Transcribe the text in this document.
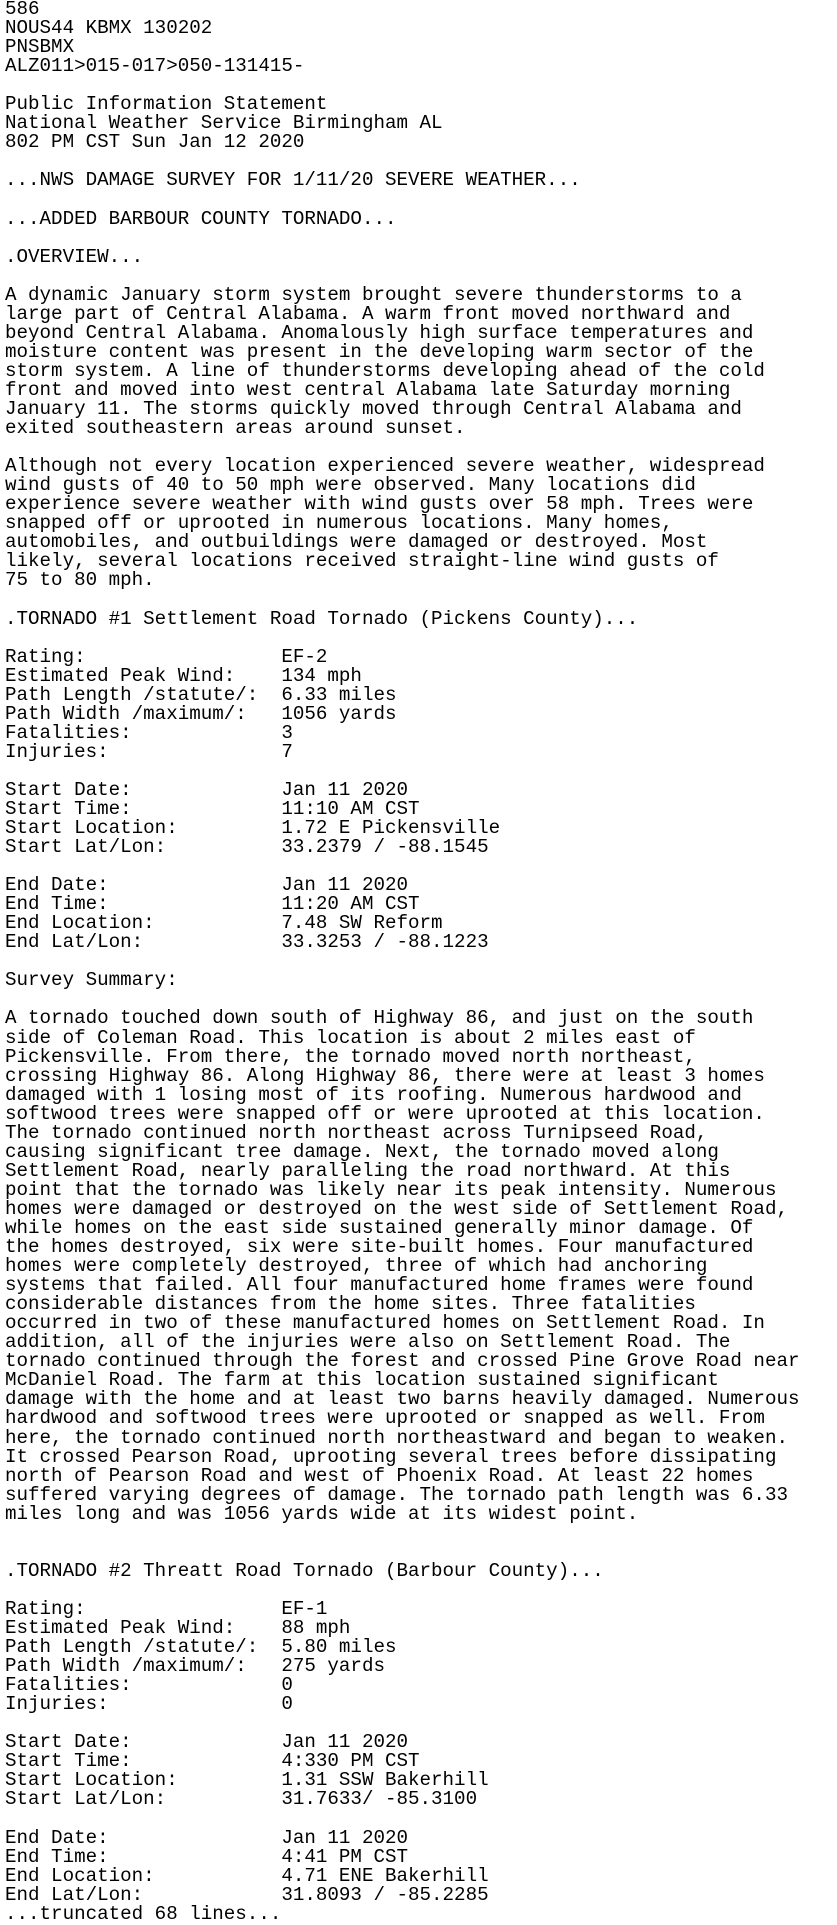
586
NOUS44 KBMX 130202
PNSBMX
ALZ011>015-017>050-131415-
Public Information Statement
National Weather Service Birmingham AL
802 PM CST Sun Jan 12 2020
...NWS DAMAGE SURVEY FOR 1/11/20 SEVERE WEATHER...
...ADDED BARBOUR COUNTY TORNADO...
.OVERVIEW...
A dynamic January storm system brought severe thunderstorms to a
large part of Central Alabama. A warm front moved northward and
beyond Central Alabama. Anomalously high surface temperatures and
moisture content was present in the developing warm sector of the
storm system. A line of thunderstorms developing ahead of the cold
front and moved into west central Alabama late Saturday morning
January 11. The storms quickly moved through Central Alabama and
exited southeastern areas around sunset.
Although not every location experienced severe weather, widespread
wind gusts of 40 to 50 mph were observed. Many locations did
experience severe weather with wind gusts over 58 mph. Trees were
snapped off or uprooted in numerous locations. Many homes,
automobiles, and outbuildings were damaged or destroyed. Most
likely, several locations received straight-line wind gusts of
75 to 80 mph.
.TORNADO #1 Settlement Road Tornado (Pickens County)...
Rating:                 EF-2
Estimated Peak Wind:    134 mph
Path Length /statute/:  6.33 miles
Path Width /maximum/:   1056 yards
Fatalities:             3
Injuries:               7
Start Date:             Jan 11 2020
Start Time:             11:10 AM CST
Start Location:         1.72 E Pickensville
Start Lat/Lon:          33.2379 / -88.1545
End Date:               Jan 11 2020
End Time:               11:20 AM CST
End Location:           7.48 SW Reform
End Lat/Lon:            33.3253 / -88.1223
Survey Summary:
A tornado touched down south of Highway 86, and just on the south
side of Coleman Road. This location is about 2 miles east of
Pickensville. From there, the tornado moved north northeast,
crossing Highway 86. Along Highway 86, there were at least 3 homes
damaged with 1 losing most of its roofing. Numerous hardwood and
softwood trees were snapped off or were uprooted at this location.
The tornado continued north northeast across Turnipseed Road,
causing significant tree damage. Next, the tornado moved along
Settlement Road, nearly paralleling the road northward. At this
point that the tornado was likely near its peak intensity. Numerous
homes were damaged or destroyed on the west side of Settlement Road,
while homes on the east side sustained generally minor damage. Of
the homes destroyed, six were site-built homes. Four manufactured
homes were completely destroyed, three of which had anchoring
systems that failed. All four manufactured home frames were found
considerable distances from the home sites. Three fatalities
occurred in two of these manufactured homes on Settlement Road. In
addition, all of the injuries were also on Settlement Road. The
tornado continued through the forest and crossed Pine Grove Road near
McDaniel Road. The farm at this location sustained significant
damage with the home and at least two barns heavily damaged. Numerous
hardwood and softwood trees were uprooted or snapped as well. From
here, the tornado continued north northeastward and began to weaken.
It crossed Pearson Road, uprooting several trees before dissipating
north of Pearson Road and west of Phoenix Road. At least 22 homes
suffered varying degrees of damage. The tornado path length was 6.33
miles long and was 1056 yards wide at its widest point.
.TORNADO #2 Threatt Road Tornado (Barbour County)...
Rating:                 EF-1
Estimated Peak Wind:    88 mph
Path Length /statute/:  5.80 miles
Path Width /maximum/:   275 yards
Fatalities:             0
Injuries:               0
Start Date:             Jan 11 2020
Start Time:             4:330 PM CST
Start Location:         1.31 SSW Bakerhill
Start Lat/Lon:          31.7633/ -85.3100
End Date:               Jan 11 2020
End Time:               4:41 PM CST
End Location:           4.71 ENE Bakerhill
End Lat/Lon:            31.8093 / -85.2285
...truncated 68 lines...
